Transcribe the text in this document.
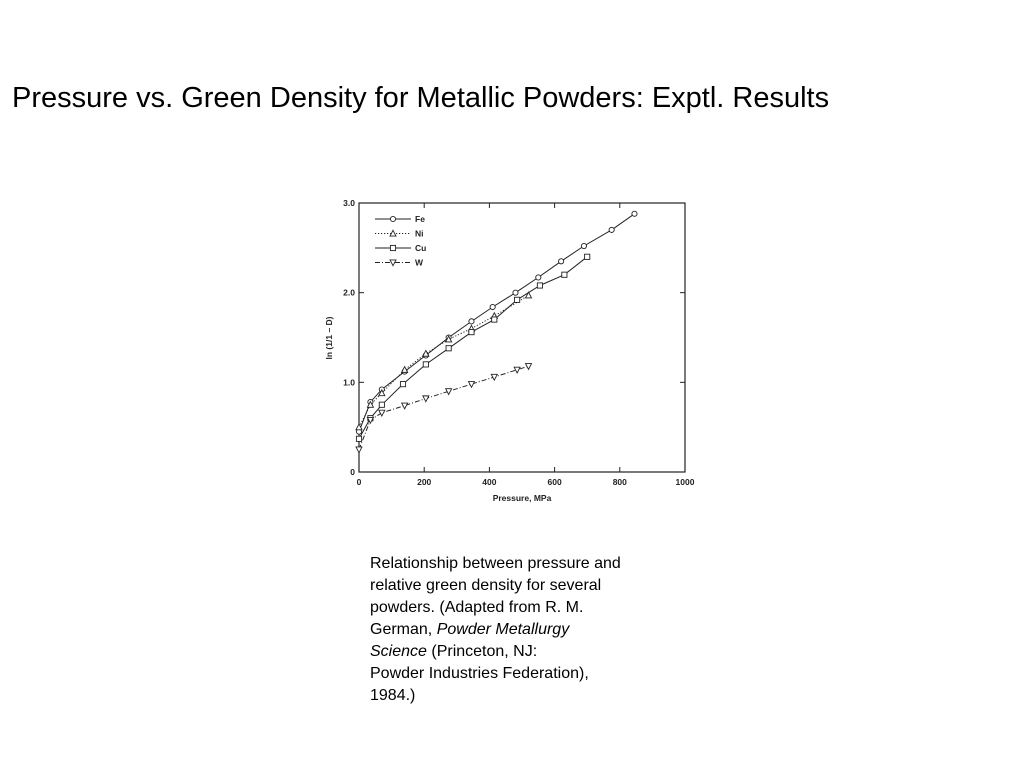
Pressure vs. Green Density for Metallic Powders: Exptl. Results
0	200	400	600	800	1000
0
1.0
2.0
3.0
Fe
Ni
Cu
W
Pressure, MPa
ln (1/1 – D)
Relationship between pressure and
relative green density for several
powders. (Adapted from R. M.
German, Powder Metallurgy
Science (Princeton, NJ:
Powder Industries Federation),
1984.)
